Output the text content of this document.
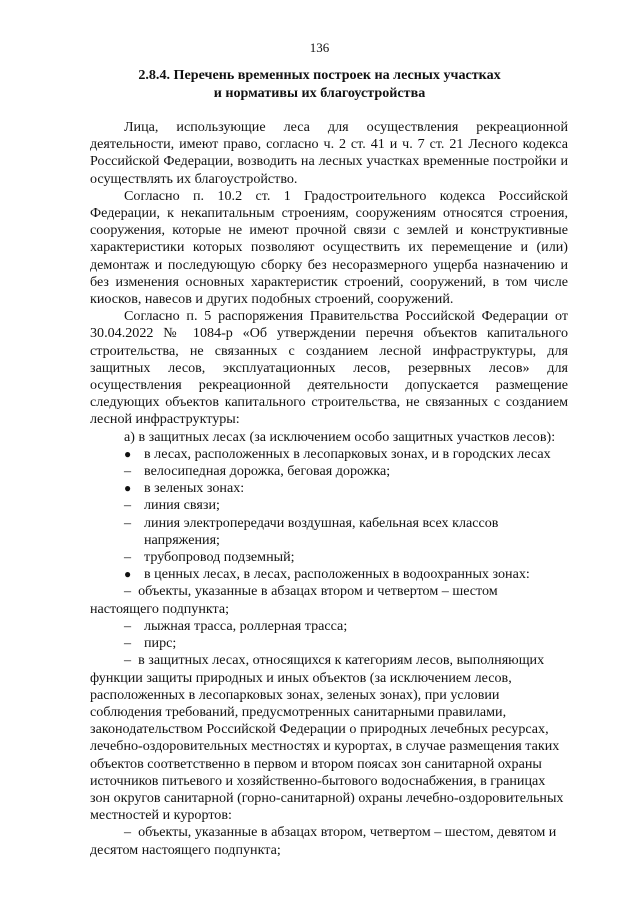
136
2.8.4. Перечень временных построек на лесных участках
и нормативы их благоустройства

Лица, использующие леса для осуществления рекреационной деятельности, имеют право, согласно ч. 2 ст. 41 и ч. 7 ст. 21 Лесного кодекса Российской Федерации, возводить на лесных участках временные постройки и осуществлять их благоустройство.

Согласно п. 10.2 ст. 1 Градостроительного кодекса Российской Федерации, к некапитальным строениям, сооружениям относятся строения, сооружения, которые не имеют прочной связи с землей и конструктивные характеристики которых позволяют осуществить их перемещение и (или) демонтаж и последующую сборку без несоразмерного ущерба назначению и без изменения основных характеристик строений, сооружений, в том числе киосков, навесов и других подобных строений, сооружений.

Согласно п. 5 распоряжения Правительства Российской Федерации от 30.04.2022 № 1084-р «Об утверждении перечня объектов капитального строительства, не связанных с созданием лесной инфраструктуры, для защитных лесов, эксплуатационных лесов, резервных лесов» для осуществления рекреационной деятельности допускается размещение следующих объектов капитального строительства, не связанных с созданием лесной инфраструктуры:

а) в защитных лесах (за исключением особо защитных участков лесов):

● в лесах, расположенных в лесопарковых зонах, и в городских лесах
– велосипедная дорожка, беговая дорожка;
● в зеленых зонах:
– линия связи;
– линия электропередачи воздушная, кабельная всех классов напряжения;
– трубопровод подземный;
● в ценных лесах, в лесах, расположенных в водоохранных зонах:

– объекты, указанные в абзацах втором и четвертом – шестом настоящего подпункта;

– лыжная трасса, роллерная трасса;
– пирс;

– в защитных лесах, относящихся к категориям лесов, выполняющих функции защиты природных и иных объектов (за исключением лесов, расположенных в лесопарковых зонах, зеленых зонах), при условии соблюдения требований, предусмотренных санитарными правилами, законодательством Российской Федерации о природных лечебных ресурсах, лечебно-оздоровительных местностях и курортах, в случае размещения таких объектов соответственно в первом и втором поясах зон санитарной охраны источников питьевого и хозяйственно-бытового водоснабжения, в границах зон округов санитарной (горно-санитарной) охраны лечебно-оздоровительных местностей и курортов:

– объекты, указанные в абзацах втором, четвертом – шестом, девятом и десятом настоящего подпункта;
